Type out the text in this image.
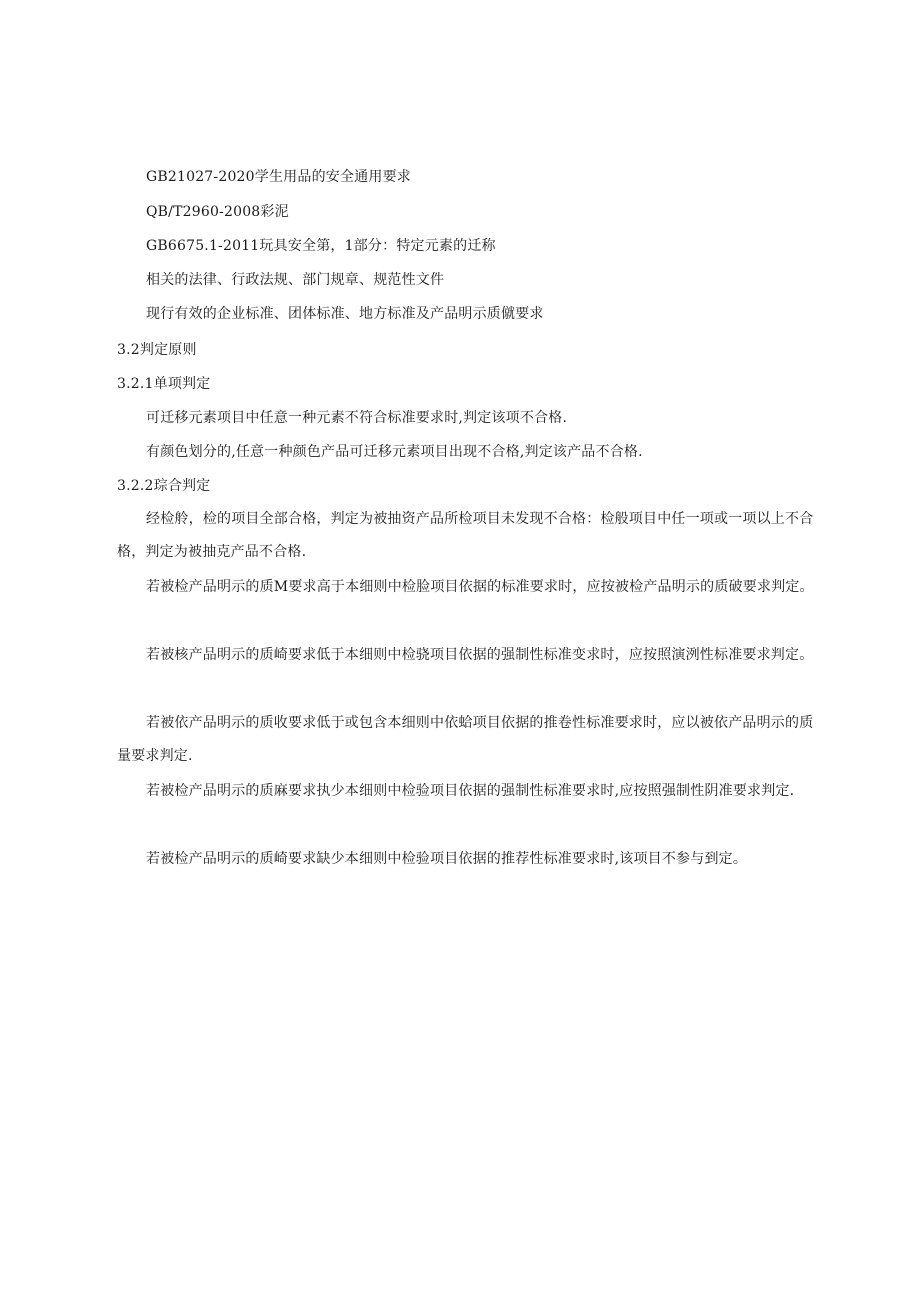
GB21027-2020学生用品的安全通用要求
QB/T2960-2008彩泥
GB6675.1-2011玩具安全第，1部分：特定元素的迁称
相关的法律、行政法规、部门规章、规范性文件
现行有效的企业标准、团体标准、地方标准及产品明示质僦要求
3.2判定原则
3.2.1单项判定
可迁移元素项目中任意一种元素不符合标准要求时,判定该项不合格.
有颜色划分的,任意一种颜色产品可迁移元素项目出现不合格,判定该产品不合格.
3.2.2琮合判定
经检舲，检的项目全部合格，判定为被抽资产品所检项目未发现不合格：检般项目中任一项或一项以上不合格，判定为被抽克产品不合格.
若被检产品明示的质M要求高于本细则中检脸项目依据的标准要求时，应按被检产品明示的质破要求判定。
若被核产品明示的质崎要求低于本细则中检骁项目依据的强制性标准变求时，应按照演洌性标准要求判定。
若被依产品明示的质收要求低于或包含本细则中依蛤项目依据的推卷性标准要求时，应以被依产品明示的质量要求判定.
若被检产品明示的质麻要求执少本细则中检验项目依据的强制性标准要求时,应按照强制性阴准要求判定.
若被检产品明示的质崎要求缺少本细则中检验项目依据的推荐性标准要求时,该项目不参与到定。
